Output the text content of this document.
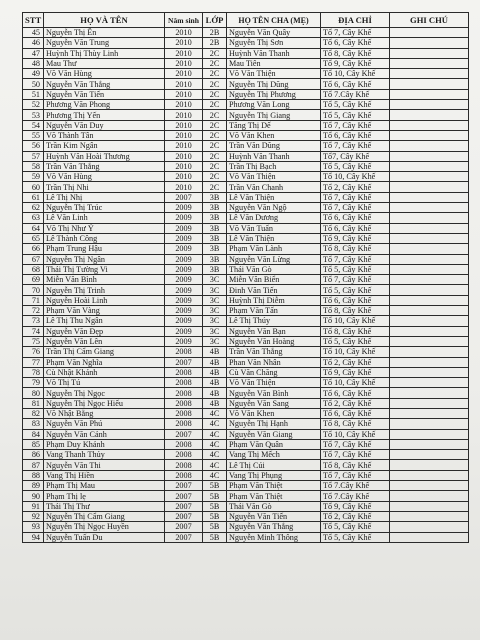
STT	HỌ VÀ TÊN	Năm sinh	LỚP	HỌ TÊN CHA (MẸ)	ĐỊA CHỈ	GHI CHÚ
45	Nguyễn Thị Ến	2010	2B	Nguyễn Văn Quây	Tổ 7, Cây Khế	
46	Nguyễn Văn Trung	2010	2B	Nguyễn Thị Sơn	Tổ 6, Cây Khế	
47	Huỳnh Thị Thùy Linh	2010	2C	Huỳnh Văn Thanh	Tổ 8, Cây Khế	
48	Mau Thư	2010	2C	Mau Tiên	Tổ 9, Cây Khế	
49	Võ Văn Hùng	2010	2C	Võ Văn Thiện	Tổ 10, Cây Khế	
50	Nguyễn Văn Thắng	2010	2C	Nguyễn Thị Dũng	Tổ 6, Cây Khế	
51	Nguyễn Văn Tiến	2010	2C	Nguyễn Thị Phương	Tổ 7.Cây Khế	
52	Phương Văn Phong	2010	2C	Phương Văn Long	Tổ 5, Cây Khế	
53	Phương Thị Yến	2010	2C	Nguyễn Thị Giang	Tổ 5, Cây Khế	
54	Nguyễn Văn Duy	2010	2C	Tăng Thị Dế	Tổ 7, Cây Khế	
55	Võ Thành Tân	2010	2C	Võ Văn Khen	Tổ 6, Cây Khế	
56	Trần Kim Ngân	2010	2C	Trần Văn Dũng	Tổ 7, Cây Khế	
57	Huỳnh Văn Hoài Thương	2010	2C	Huỳnh Văn Thanh	Tổ7, Cây Khế	
58	Trần Văn Thắng	2010	2C	Trần Thị Bạch	Tổ 5, Cây Khế	
59	Võ Văn Hùng	2010	2C	Võ Văn Thiện	Tổ 10, Cây Khế	
60	Trần Thị Nhi	2010	2C	Trần Văn Chanh	Tổ 2, Cây Khế	
61	Lê Thị Nhị	2007	3B	Lê Văn Thiện	Tổ 7, Cây Khế	
62	Nguyễn Thị Trúc	2009	3B	Nguyễn Văn Ngộ	Tổ 7, Cây Khế	
63	Lê Văn Linh	2009	3B	Lê Văn Dương	Tổ 6, Cây Khế	
64	Võ Thị Như Ý	2009	3B	Võ Văn Tuấn	Tổ 6, Cây Khế	
65	Lê Thành Công	2009	3B	Lê Văn Thiện	Tổ 9, Cây Khế	
66	Phạm Trung Hậu	2009	3B	Phạm Văn Lành	Tổ 8, Cây Khế	
67	Nguyễn Thị Ngân	2009	3B	Nguyễn Văn Lừng	Tổ 7, Cây Khế	
68	Thái Thị Tường Vi	2009	3B	Thái Văn Gò	Tổ 5, Cây Khế	
69	Miễn Văn Bình	2009	3C	Miễn Văn Biển	Tổ 7, Cây Khế	
70	Nguyễn Thị Trinh	2009	3C	Đinh Văn Tiến	Tổ 5, Cây Khế	
71	Nguyễn Hoài Linh	2009	3C	Huỳnh Thị Diễm	Tổ 6, Cây Khế	
72	Phạm Văn Vàng	2009	3C	Phạm Văn Tấn	Tổ 8, Cây Khế	
73	Lê Thị Thu Ngân	2009	3C	Lê Thị Thúy	Tổ 10, Cây Khế	
74	Nguyễn Văn Đẹp	2009	3C	Nguyễn Văn Bạn	Tổ 8, Cây Khế	
75	Nguyễn Văn Lên	2009	3C	Nguyễn Văn Hoàng	Tổ 5, Cây Khế	
76	Trần Thị Cẩm Giang	2008	4B	Trần Văn Thắng	Tổ 10, Cây Khế	
77	Phạm Văn Nghĩa	2007	4B	Phan Văn Nhân	Tổ 2, Cây Khế	
78	Cù Nhật Khánh	2008	4B	Cù Văn Chăng	Tổ 9, Cây Khế	
79	Võ Thị Tú	2008	4B	Võ Văn Thiện	Tổ 10, Cây Khế	
80	Nguyễn Thị Ngọc	2008	4B	Nguyễn Văn Bình	Tổ 6, Cây Khế	
81	Nguyễn Thị Ngọc Hiếu	2008	4B	Nguyễn Văn Sang	Tổ 2, Cây Khế	
82	Võ Nhật Bằng	2008	4C	Võ Văn Khen	Tổ 6, Cây Khế	
83	Nguyễn Văn Phú	2008	4C	Nguyễn Thị Hạnh	Tổ 8, Cây Khế	
84	Nguyễn Văn Cảnh	2007	4C	Nguyễn Văn Giang	Tổ 10, Cây Khế	
85	Phạm Duy Khánh	2008	4C	Phạm Văn Quân	Tổ 7, Cây Khế	
86	Vang Thanh Thủy	2008	4C	Vang Thị Mếch	Tổ 7, Cây Khế	
87	Nguyễn Văn Thi	2008	4C	Lê Thị Cúi	Tổ 8, Cây Khế	
88	Vang Thị Hiền	2008	4C	Vang Thị Phụng	Tổ 7, Cây Khế	
89	Phạm Thị Mau	2007	5B	Phạm Văn Thiệt	Tổ 7.Cây Khế	
90	Phạm Thị lẹ	2007	5B	Phạm Văn Thiệt	Tổ 7.Cây Khế	
91	Thái Thị Thư	2007	5B	Thái Văn Gò	Tổ 9, Cây Khế	
92	Nguyễn Thị Cẩm Giang	2007	5B	Nguyễn Văn Tiến	Tổ 2, Cây Khế	
93	Nguyễn Thị Ngọc Huyền	2007	5B	Nguyễn Văn Thắng	Tổ 5, Cây Khế	
94	Nguyễn Tuấn Du	2007	5B	Nguyễn Minh Thông	Tổ 5, Cây Khế	
